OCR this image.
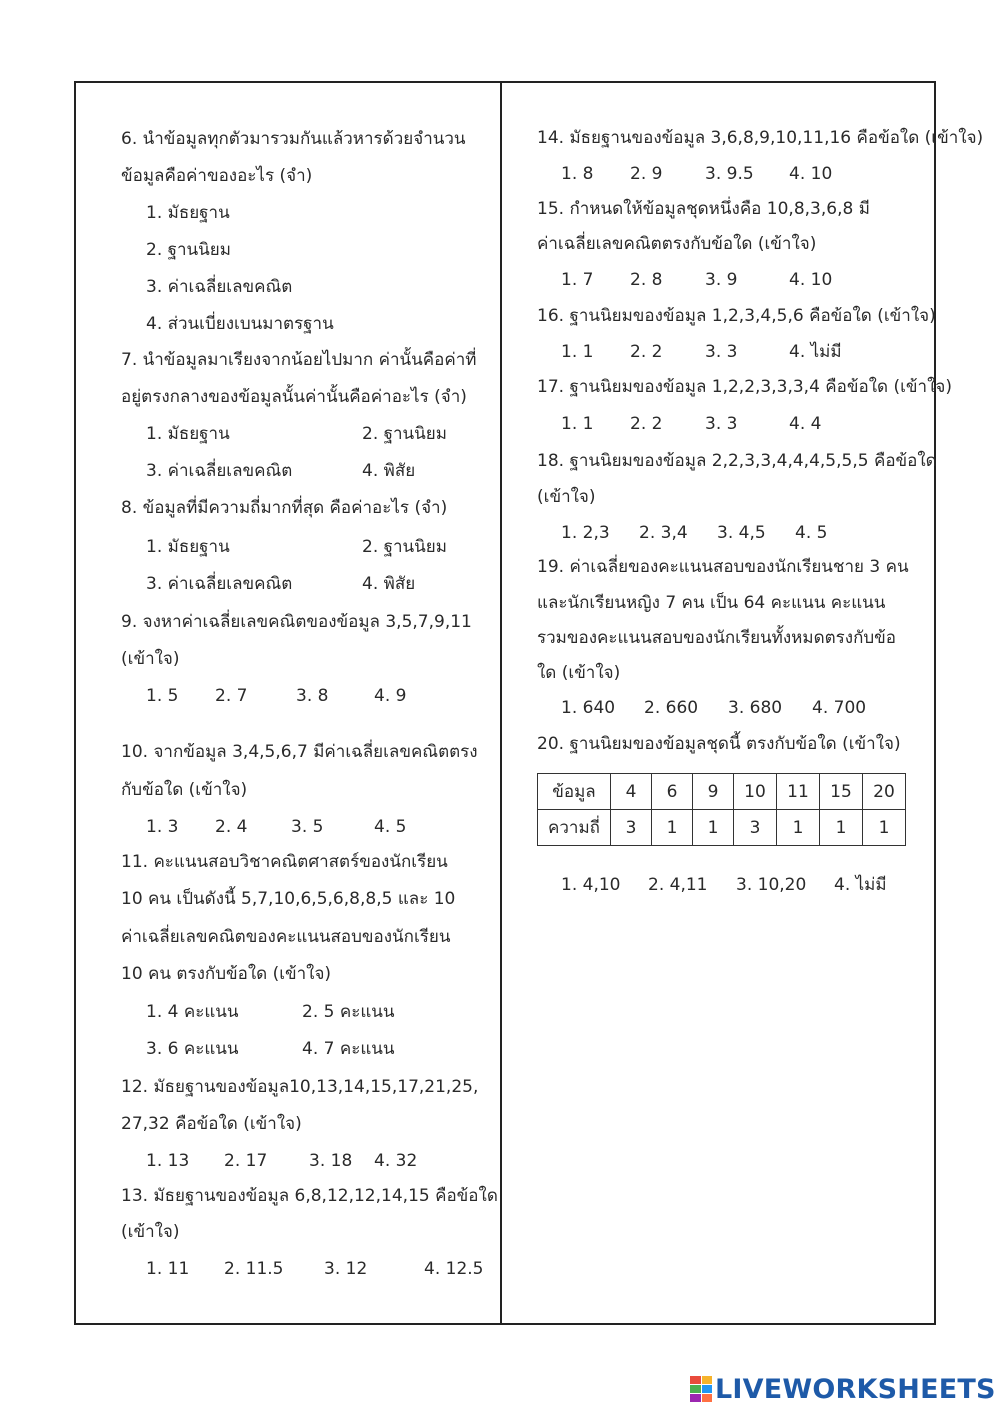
6. นำข้อมูลทุกตัวมารวมกันแล้วหารด้วยจำนวน
ข้อมูลคือค่าของอะไร (จำ)
1. มัธยฐาน
2. ฐานนิยม
3. ค่าเฉลี่ยเลขคณิต
4. ส่วนเบี่ยงเบนมาตรฐาน
7. นำข้อมูลมาเรียงจากน้อยไปมาก ค่านั้นคือค่าที่
อยู่ตรงกลางของข้อมูลนั้นค่านั้นคือค่าอะไร (จำ)
1. มัธยฐาน	2. ฐานนิยม
3. ค่าเฉลี่ยเลขคณิต	4. พิสัย
8. ข้อมูลที่มีความถี่มากที่สุด คือค่าอะไร (จำ)
1. มัธยฐาน	2. ฐานนิยม
3. ค่าเฉลี่ยเลขคณิต	4. พิสัย
9. จงหาค่าเฉลี่ยเลขคณิตของข้อมูล 3,5,7,9,11
(เข้าใจ)
1. 5 2. 7	3. 8	4. 9
10. จากข้อมูล 3,4,5,6,7 มีค่าเฉลี่ยเลขคณิตตรง
กับข้อใด (เข้าใจ)
1. 3 2. 4	3. 5	4. 5
11. คะแนนสอบวิชาคณิตศาสตร์ของนักเรียน
10 คน เป็นดังนี้ 5,7,10,6,5,6,8,8,5 และ 10
ค่าเฉลี่ยเลขคณิตของคะแนนสอบของนักเรียน
10 คน ตรงกับข้อใด (เข้าใจ)
1. 4 คะแนน	2. 5 คะแนน
3. 6 คะแนน	4. 7 คะแนน
12. มัธยฐานของข้อมูล10,13,14,15,17,21,25,
27,32 คือข้อใด (เข้าใจ)
1. 13 2. 17 3. 18 4. 32
13. มัธยฐานของข้อมูล 6,8,12,12,14,15 คือข้อใด
(เข้าใจ)
1. 11 2. 11.5 3. 12	4. 12.5
14. มัธยฐานของข้อมูล 3,6,8,9,10,11,16 คือข้อใด (เข้าใจ)
1. 8 2. 9	3. 9.5 4. 10
15. กำหนดให้ข้อมูลชุดหนึ่งคือ 10,8,3,6,8 มี
ค่าเฉลี่ยเลขคณิตตรงกับข้อใด (เข้าใจ)
1. 7 2. 8	3. 9	4. 10
16. ฐานนิยมของข้อมูล 1,2,3,4,5,6 คือข้อใด (เข้าใจ)
1. 1 2. 2	3. 3	4. ไม่มี
17. ฐานนิยมของข้อมูล 1,2,2,3,3,3,4 คือข้อใด (เข้าใจ)
1. 1 2. 2	3. 3	4. 4
18. ฐานนิยมของข้อมูล 2,2,3,3,4,4,4,5,5,5 คือข้อใด
(เข้าใจ)
1. 2,3 2. 3,4 3. 4,5 4. 5
19. ค่าเฉลี่ยของคะแนนสอบของนักเรียนชาย 3 คน
และนักเรียนหญิง 7 คน เป็น 64 คะแนน คะแนน
รวมของคะแนนสอบของนักเรียนทั้งหมดตรงกับข้อ
ใด (เข้าใจ)
1. 640 2. 660 3. 680 4. 700
20. ฐานนิยมของข้อมูลชุดนี้ ตรงกับข้อใด (เข้าใจ)
1. 4,10 2. 4,11 3. 10,20 4. ไม่มี
ข้อมูล	4	6	9	10	11	15	20
ความถี่	3	1	1	3	1	1	1
LIVEWORKSHEETS
